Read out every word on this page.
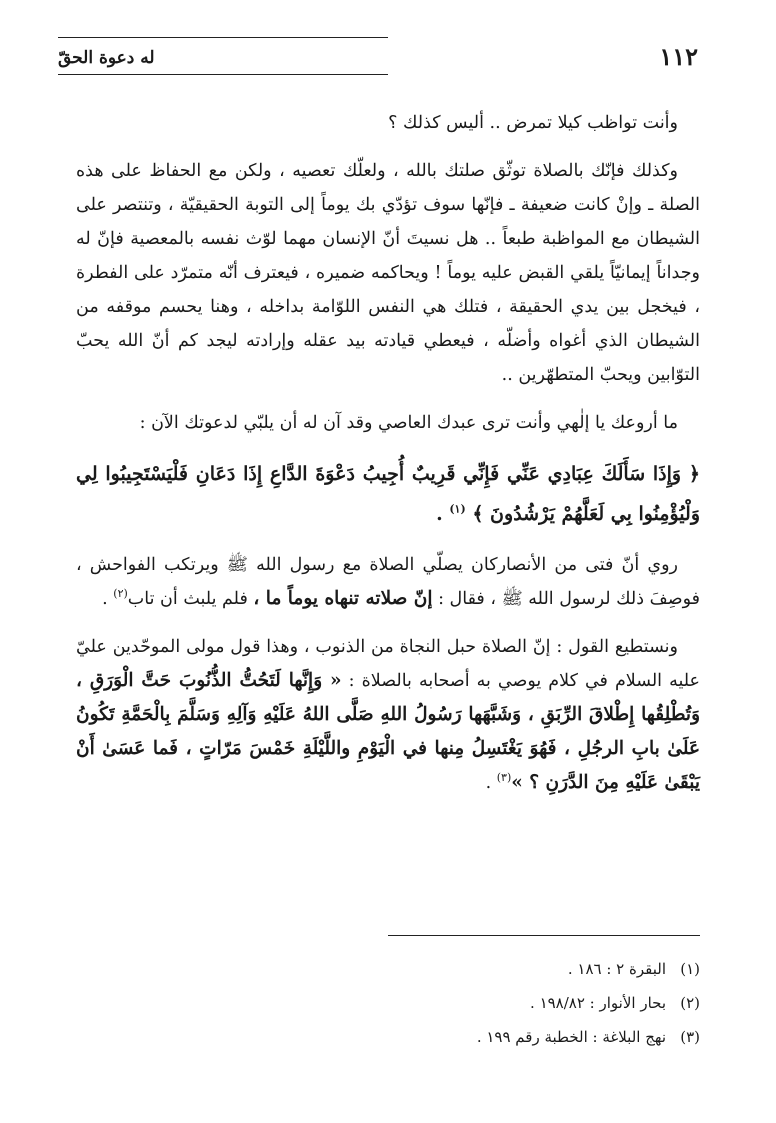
١١٢
له دعوة الحقّ

وأنت تواظب كيلا تمرض .. أليس كذلك ؟

وكذلك فإنّك بالصلاة توثّق صلتك بالله ، ولعلّك تعصيه ، ولكن مع الحفاظ على هذه الصلة ـ وإنْ كانت ضعيفة ـ فإنّها سوف تؤدّي بك يوماً إلى التوبة الحقيقيّة ، وتنتصر على الشيطان مع المواظبة طبعاً .. هل نسيتَ أنّ الإنسان مهما لوّث نفسه بالمعصية فإنّ له وجداناً إيمانيّاً يلقي القبض عليه يوماً ! ويحاكمه ضميره ، فيعترف أنّه متمرّد على الفطرة ، فيخجل بين يدي الحقيقة ، فتلك هي النفس اللوّامة بداخله ، وهنا يحسم موقفه من الشيطان الذي أغواه وأضلّه ، فيعطي قيادته بيد عقله وإرادته ليجد كم أنّ الله يحبّ التوّابين ويحبّ المتطهّرين ..

ما أروعك يا إلٰهي وأنت ترى عبدك العاصي وقد آن له أن يلبّي لدعوتك الآن :

﴿ وَإِذَا سَأَلَكَ عِبَادِي عَنِّي فَإِنِّي قَرِيبٌ أُجِيبُ دَعْوَةَ الدَّاعِ إِذَا دَعَانِ فَلْيَسْتَجِيبُوا لِي وَلْيُؤْمِنُوا بِي لَعَلَّهُمْ يَرْشُدُونَ ﴾ $^{(١)}$ .

روي أنّ فتى من الأنصاركان يصلّي الصلاة مع رسول الله ﷺ ويرتكب الفواحش ، فوصِفَ ذلك لرسول الله ﷺ ، فقال : إنّ صلاته تنهاه يوماً ما ، فلم يلبث أن تاب$^{(٢)}$ .

ونستطيع القول : إنّ الصلاة حبل النجاة من الذنوب ، وهذا قول مولى الموحّدين عليّ عليه السلام في كلام يوصي به أصحابه بالصلاة : « وَإِنَّها لَتَحُتُّ الذُّنُوبَ حَتَّ الْوَرَقِ ، وَتُطْلِقُها إِطْلاقَ الرِّبَقِ ، وَشَبَّهَها رَسُولُ اللهِ صَلَّى اللهُ عَلَيْهِ وَآلِهِ وَسَلَّمَ بِالْحَمَّةِ تَكُونُ عَلَىٰ بابِ الرجُلِ ، فَهُوَ يَغْتَسِلُ مِنها في الْيَوْمِ واللَّيْلَةِ خَمْسَ مَرّاتٍ ، فَما عَسَىٰ أَنْ يَبْقَىٰ عَلَيْهِ مِنَ الدَّرَنِ ؟ »$^{(٣)}$ .

(١)البقرة ٢ : ١٨٦ .
(٢)بحار الأنوار : ١٩٨/٨٢ .
(٣)نهج البلاغة : الخطبة رقم ١٩٩ .
